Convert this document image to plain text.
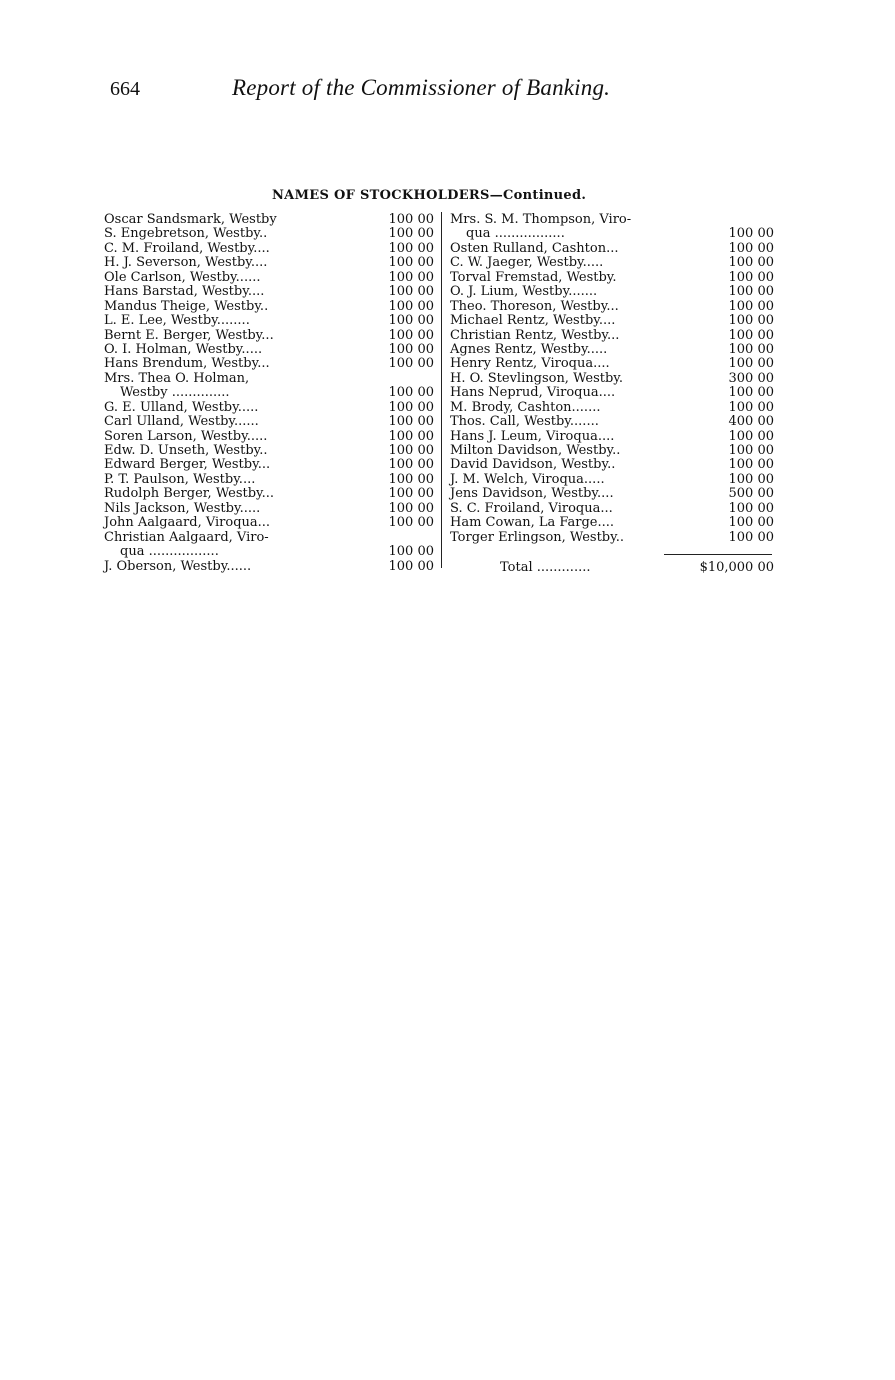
664	Report of the Commissioner of Banking.
NAMES OF STOCKHOLDERS—Continued.
Oscar Sandsmark, Westby	100 00
S. Engebretson, Westby..	100 00
C. M. Froiland, Westby....	100 00
H. J. Severson, Westby....	100 00
Ole Carlson, Westby......	100 00
Hans Barstad, Westby....	100 00
Mandus Theige, Westby..	100 00
L. E. Lee, Westby........	100 00
Bernt E. Berger, Westby...	100 00
O. I. Holman, Westby.....	100 00
Hans Brendum, Westby...	100 00
Mrs. Thea O. Holman,
Westby ..............	100 00
G. E. Ulland, Westby.....	100 00
Carl Ulland, Westby......	100 00
Soren Larson, Westby.....	100 00
Edw. D. Unseth, Westby..	100 00
Edward Berger, Westby...	100 00
P. T. Paulson, Westby....	100 00
Rudolph Berger, Westby...	100 00
Nils Jackson, Westby.....	100 00
John Aalgaard, Viroqua...	100 00
Christian Aalgaard, Viro-
qua .................	100 00
J. Oberson, Westby......	100 00
Mrs. S. M. Thompson, Viro-
qua .................	100 00
Osten Rulland, Cashton...	100 00
C. W. Jaeger, Westby.....	100 00
Torval Fremstad, Westby.	100 00
O. J. Lium, Westby.......	100 00
Theo. Thoreson, Westby...	100 00
Michael Rentz, Westby....	100 00
Christian Rentz, Westby...	100 00
Agnes Rentz, Westby.....	100 00
Henry Rentz, Viroqua....	100 00
H. O. Stevlingson, Westby.	300 00
Hans Neprud, Viroqua....	100 00
M. Brody, Cashton.......	100 00
Thos. Call, Westby.......	400 00
Hans J. Leum, Viroqua....	100 00
Milton Davidson, Westby..	100 00
David Davidson, Westby..	100 00
J. M. Welch, Viroqua.....	100 00
Jens Davidson, Westby....	500 00
S. C. Froiland, Viroqua...	100 00
Ham Cowan, La Farge....	100 00
Torger Erlingson, Westby..	100 00
Total .............	$10,000 00
